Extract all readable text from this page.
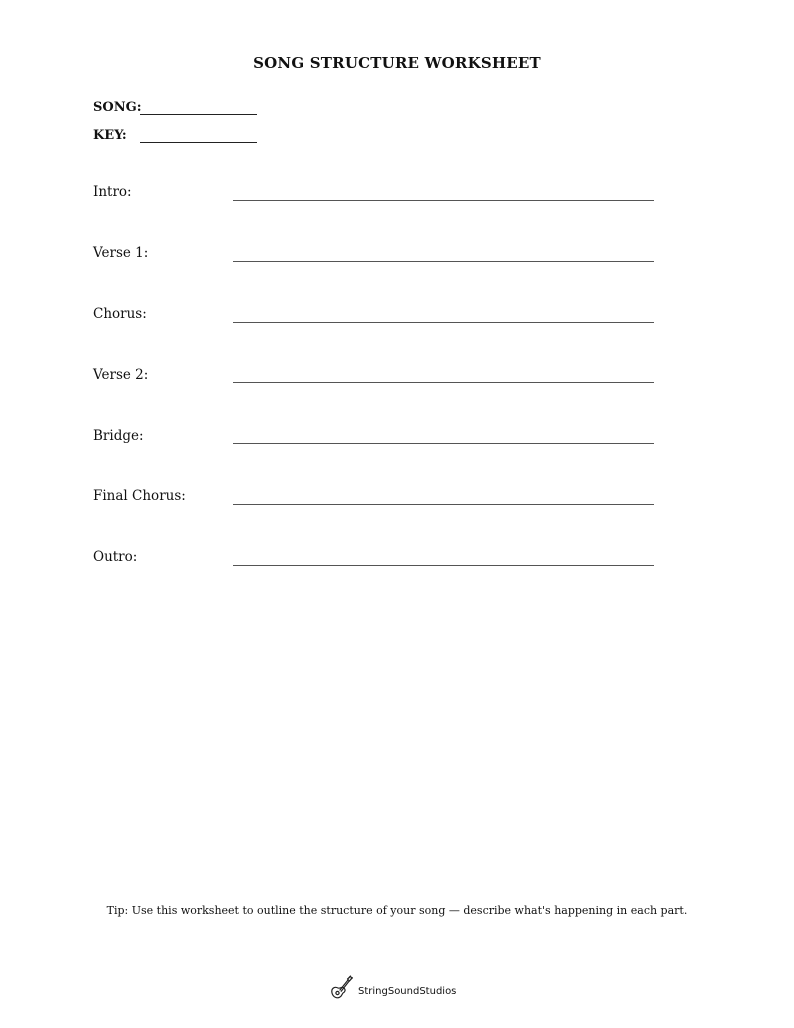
SONG STRUCTURE WORKSHEET
SONG:
KEY:
Intro:
Verse 1:
Chorus:
Verse 2:
Bridge:
Final Chorus:
Outro:
Tip: Use this worksheet to outline the structure of your song — describe what's happening in each part.
StringSoundStudios
